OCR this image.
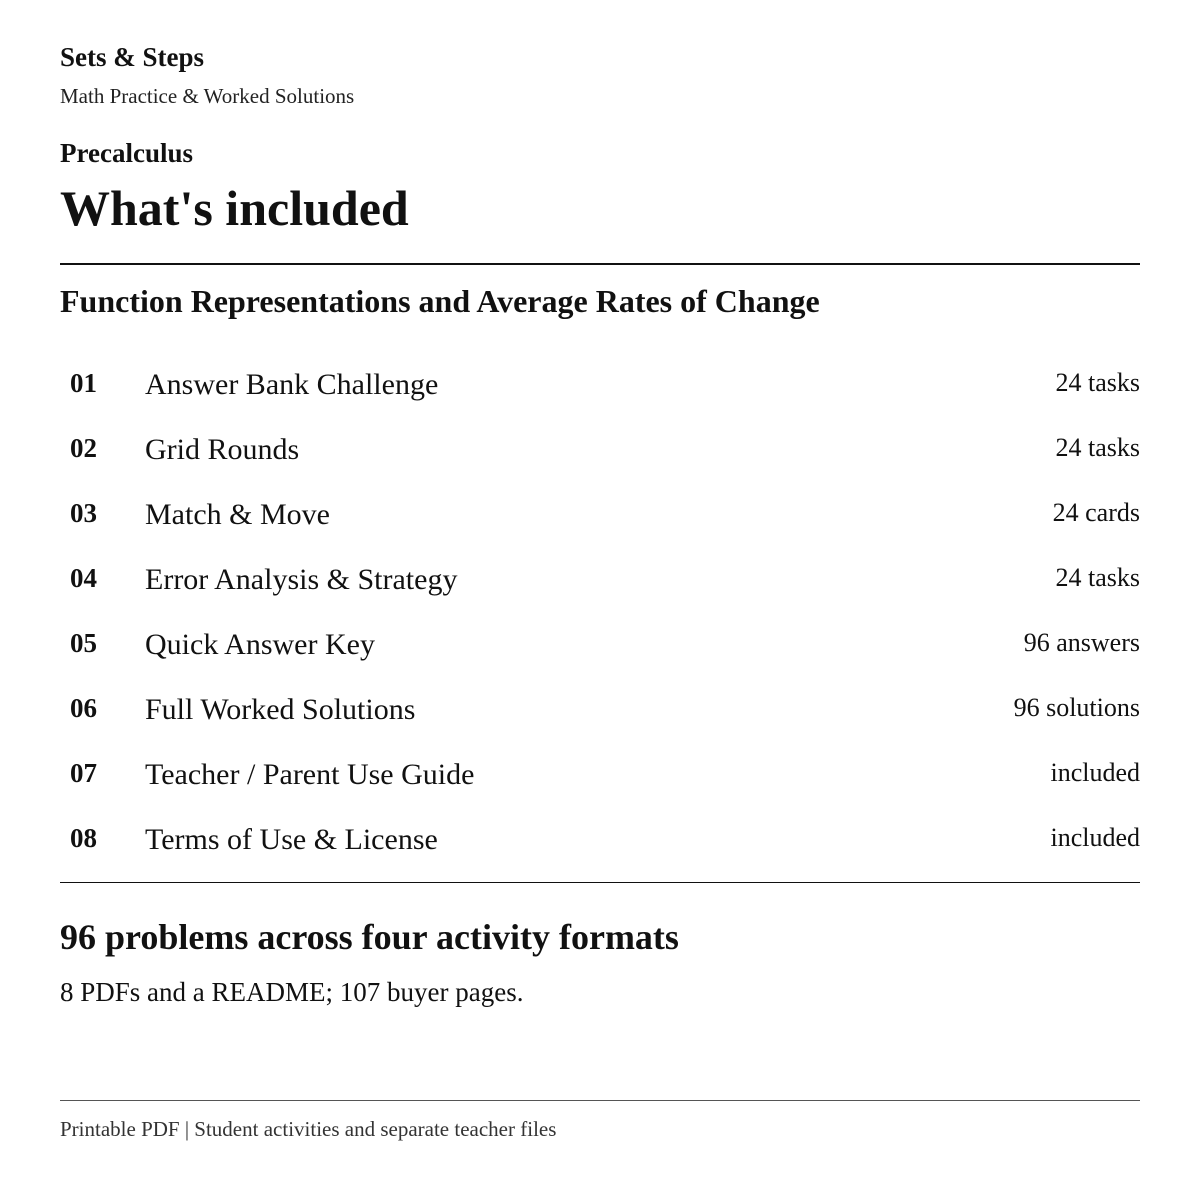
Sets & Steps
Math Practice & Worked Solutions
Precalculus
What's included
Function Representations and Average Rates of Change
01 Answer Bank Challenge	24 tasks
02 Grid Rounds	24 tasks
03 Match & Move	24 cards
04 Error Analysis & Strategy	24 tasks
05 Quick Answer Key	96 answers
06 Full Worked Solutions	96 solutions
07 Teacher / Parent Use Guide	included
08 Terms of Use & License	included
96 problems across four activity formats
8 PDFs and a README; 107 buyer pages.
Printable PDF | Student activities and separate teacher files
